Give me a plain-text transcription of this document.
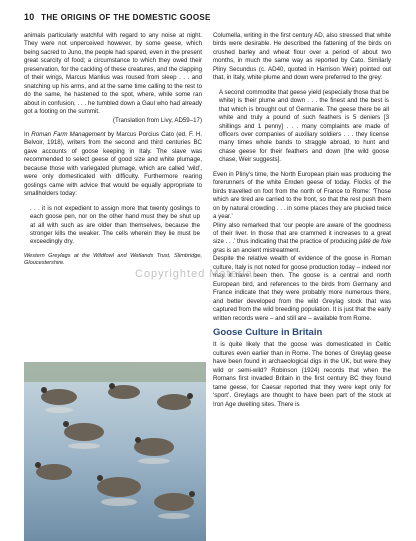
10 THE ORIGINS OF THE DOMESTIC GOOSE

animals particularly watchful with regard to any noise at night. They were not unperceived however, by some geese, which being sacred to Juno, the people had spared, even in the present great scarcity of food; a circumstance to which they owed their preservation, for the cackling of these creatures, and the clapping of their wings, Marcus Manlius was roused from sleep . . . and snatching up his arms, and at the same time calling to the rest to do the same, he hastened to the spot, where, while some ran about in confusion, . . . he tumbled down a Gaul who had already got a footing on the summit.

(Translation from Livy, AD59–17)

In Roman Farm Management by Marcus Porcius Cato (ed. F. H. Belvoir, 1918), writers from the second and third centuries BC gave accounts of goose keeping in Italy. The slave was recommended to select geese of good size and white plumage, because those with variegated plumage, which are called ‘wild’, were only domesticated with difficulty. Furthermore rearing goslings came with advice that would be equally appropriate to smallholders today:

. . . it is not expedient to assign more that twenty goslings to each goose pen, nor on the other hand must they be shut up at all with such as are older than themselves, because the stronger kills the weaker. The cells wherein they lie must be exceedingly dry.

Western Greylags at the Wildfowl and Wetlands Trust, Slimbridge, Gloucestershire.

Columella, writing in the first century AD, also stressed that white birds were desirable. He described the fattening of the birds on crushed barley and wheat flour over a period of about two months, in much the same way as reported by Cato. Similarly Pliny Secundus (c. AD40, quoted in Harrison Weir) pointed out that, in Italy, white plume and down were preferred to the grey:

A second commodite that geese yield (especially those that be white) is their plume and down . . . the finest and the best is that which is brought out of Germanie. The geese there be all white and truly a pound of such feathers is 5 deniers [3 shillings and 1 penny] . . . many complaints are made of officers over companies of auxiliary soldiers . . . they license many times whole bands to straggle abroad, to hunt and chase geese for their feathers and down [the wild goose chase, Weir suggests].

Even in Pliny’s time, the North European plain was producing the forerunners of the white Emden geese of today. Flocks of the birds travelled on foot from the north of France to Rome: ‘Those which are tired are carried to the front, so that the rest push them on by natural crowding . . . in some places they are plucked twice a year.’

Pliny also remarked that ‘our people are aware of the goodness of their liver. In those that are crammed it increases to a great size . . .’ thus indicating that the practice of producing pâté de foie gras is an ancient mistreatment.

Despite the relative wealth of evidence of the goose in Roman culture, Italy is not noted for goose production today – indeed nor may it have been then. The goose is a central and north European bird, and references to the birds from Germany and France indicate that they were probably more numerous there, and better developed from the wild Greylag stock that was captured from the wild breeding population. It is just that the early written records were – and still are – available from Rome.

Goose Culture in Britain

It is quite likely that the goose was domesticated in Celtic cultures even earlier than in Rome. The bones of Greylag geese have been found in archaeological digs in the UK, but were they wild or semi-wild? Robinson (1924) records that when the Romans first invaded Britain in the first century BC they found tame geese, for Caesar reported that they were kept only for ‘sport’. Greylags are thought to have been part of the stock at Iron Age dwelling sites. There is

Copyrighted Material
